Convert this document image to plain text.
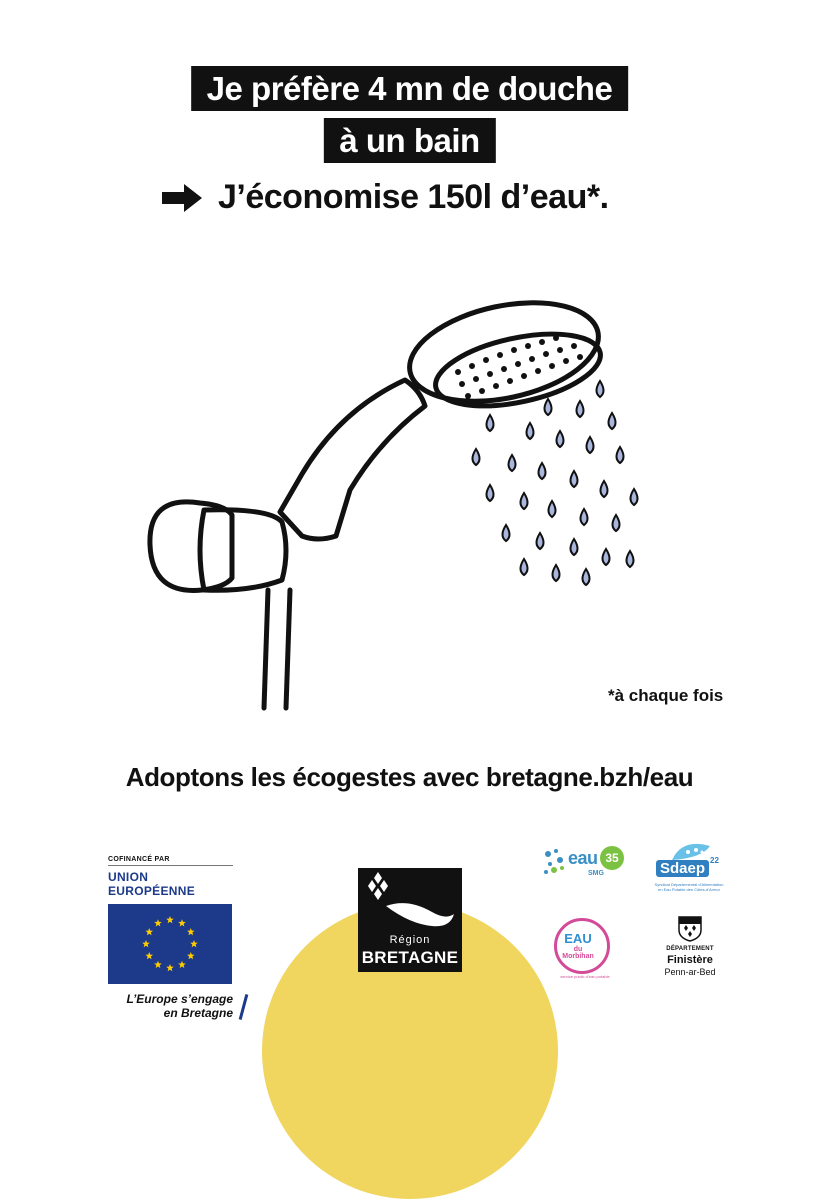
Je préfère 4 mn de douche
à un bain
J’économise 150l d’eau*.
*à chaque fois
Adoptons les écogestes avec bretagne.bzh/eau
COFINANCÉ PAR
UNION EUROPÉENNE
L’Europe s’engage
en Bretagne
Région
BRETAGNE
eau 35
SMG	Sdaep 22
Syndicat Départemental d’Alimentation en Eau Potable des Côtes-d’Armor
EAU
du Morbihan
service public d’eau potable
DÉPARTEMENT
Finistère
Penn-ar-Bed
